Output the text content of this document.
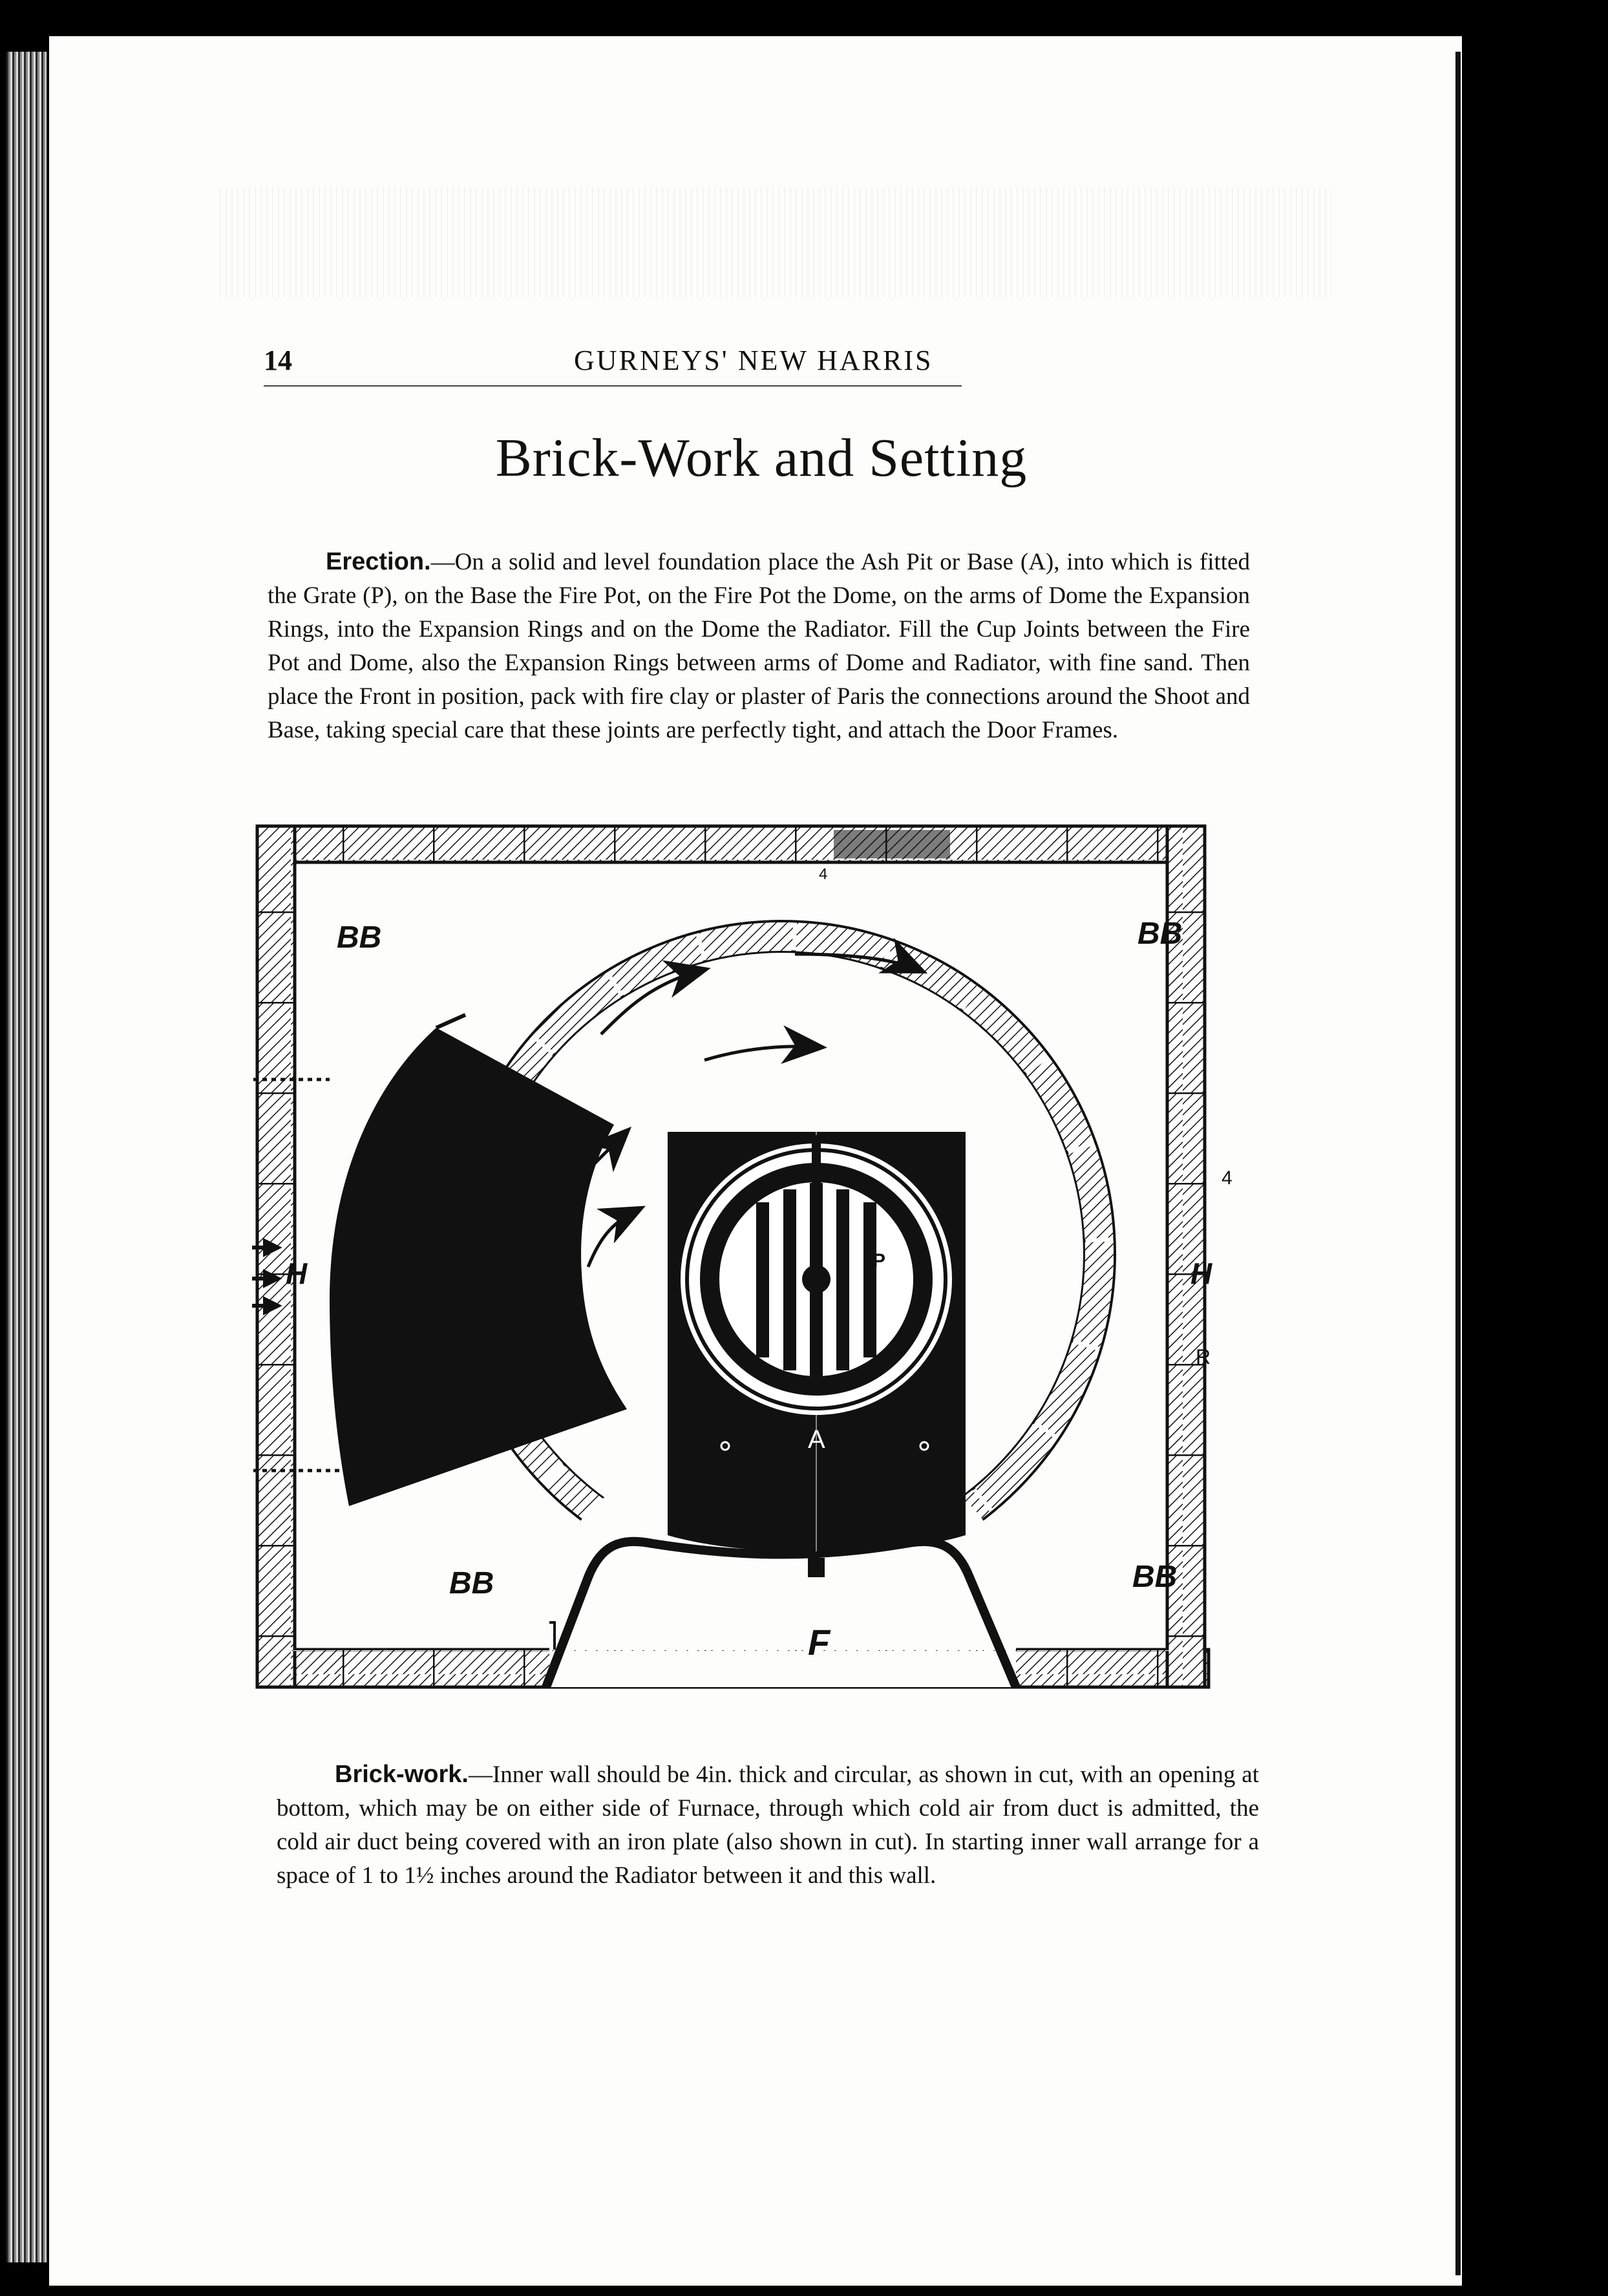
14	GURNEYS' NEW HARRIS
Brick-Work and Setting

Erection.—On a solid and level foundation place the Ash Pit or Base (A), into which is fitted the Grate (P), on the Base the Fire Pot, on the Fire Pot the Dome, on the arms of Dome the Expansion Rings, into the Expansion Rings and on the Dome the Radiator. Fill the Cup Joints between the Fire Pot and Dome, also the Expansion Rings between arms of Dome and Radiator, with fine sand. Then place the Front in position, pack with fire clay or plaster of Paris the connections around the Shoot and Base, taking special care that these joints are perfectly tight, and attach the Door Frames.

BB	BB
BB	BB
H	H
F
4
4
R
P
A

Brick-work.—Inner wall should be 4in. thick and circular, as shown in cut, with an opening at bottom, which may be on either side of Furnace, through which cold air from duct is admitted, the cold air duct being covered with an iron plate (also shown in cut). In starting inner wall arrange for a space of 1 to 1½ inches around the Radiator between it and this wall.
